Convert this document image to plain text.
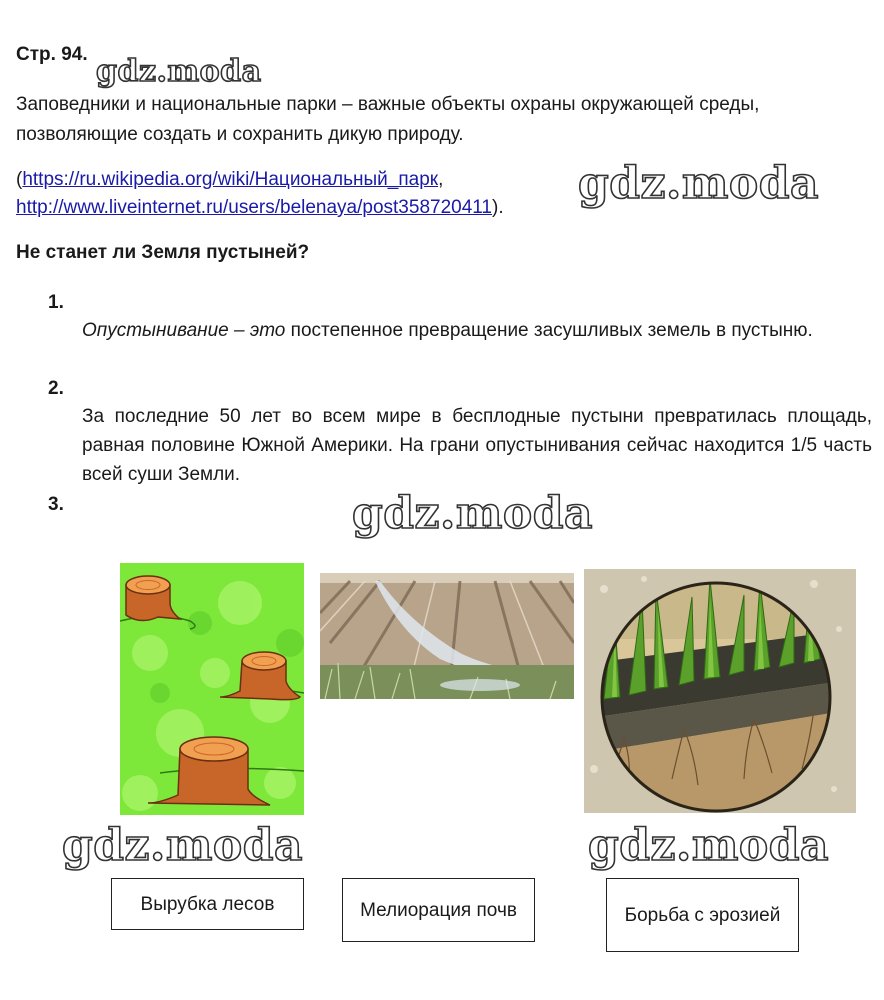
Стр. 94. gdz.moda
Заповедники и национальные парки – важные объекты охраны окружающей среды, позволяющие создать и сохранить дикую природу.
(https://ru.wikipedia.org/wiki/Национальный_парк,
http://www.liveinternet.ru/users/belenaya/post358720411). gdz.moda
Не станет ли Земля пустыней?
1.
Опустынивание – это постепенное превращение засушливых земель в пустыню.
2.
За последние 50 лет во всем мире в бесплодные пустыни превратилась площадь, равная половине Южной Америки. На грани опустынивания сейчас находится 1/5 часть всей суши Земли.
3.	gdz.moda
gdz.moda	gdz.moda
Вырубка лесов	Мелиорация почв	Борьба с эрозией
